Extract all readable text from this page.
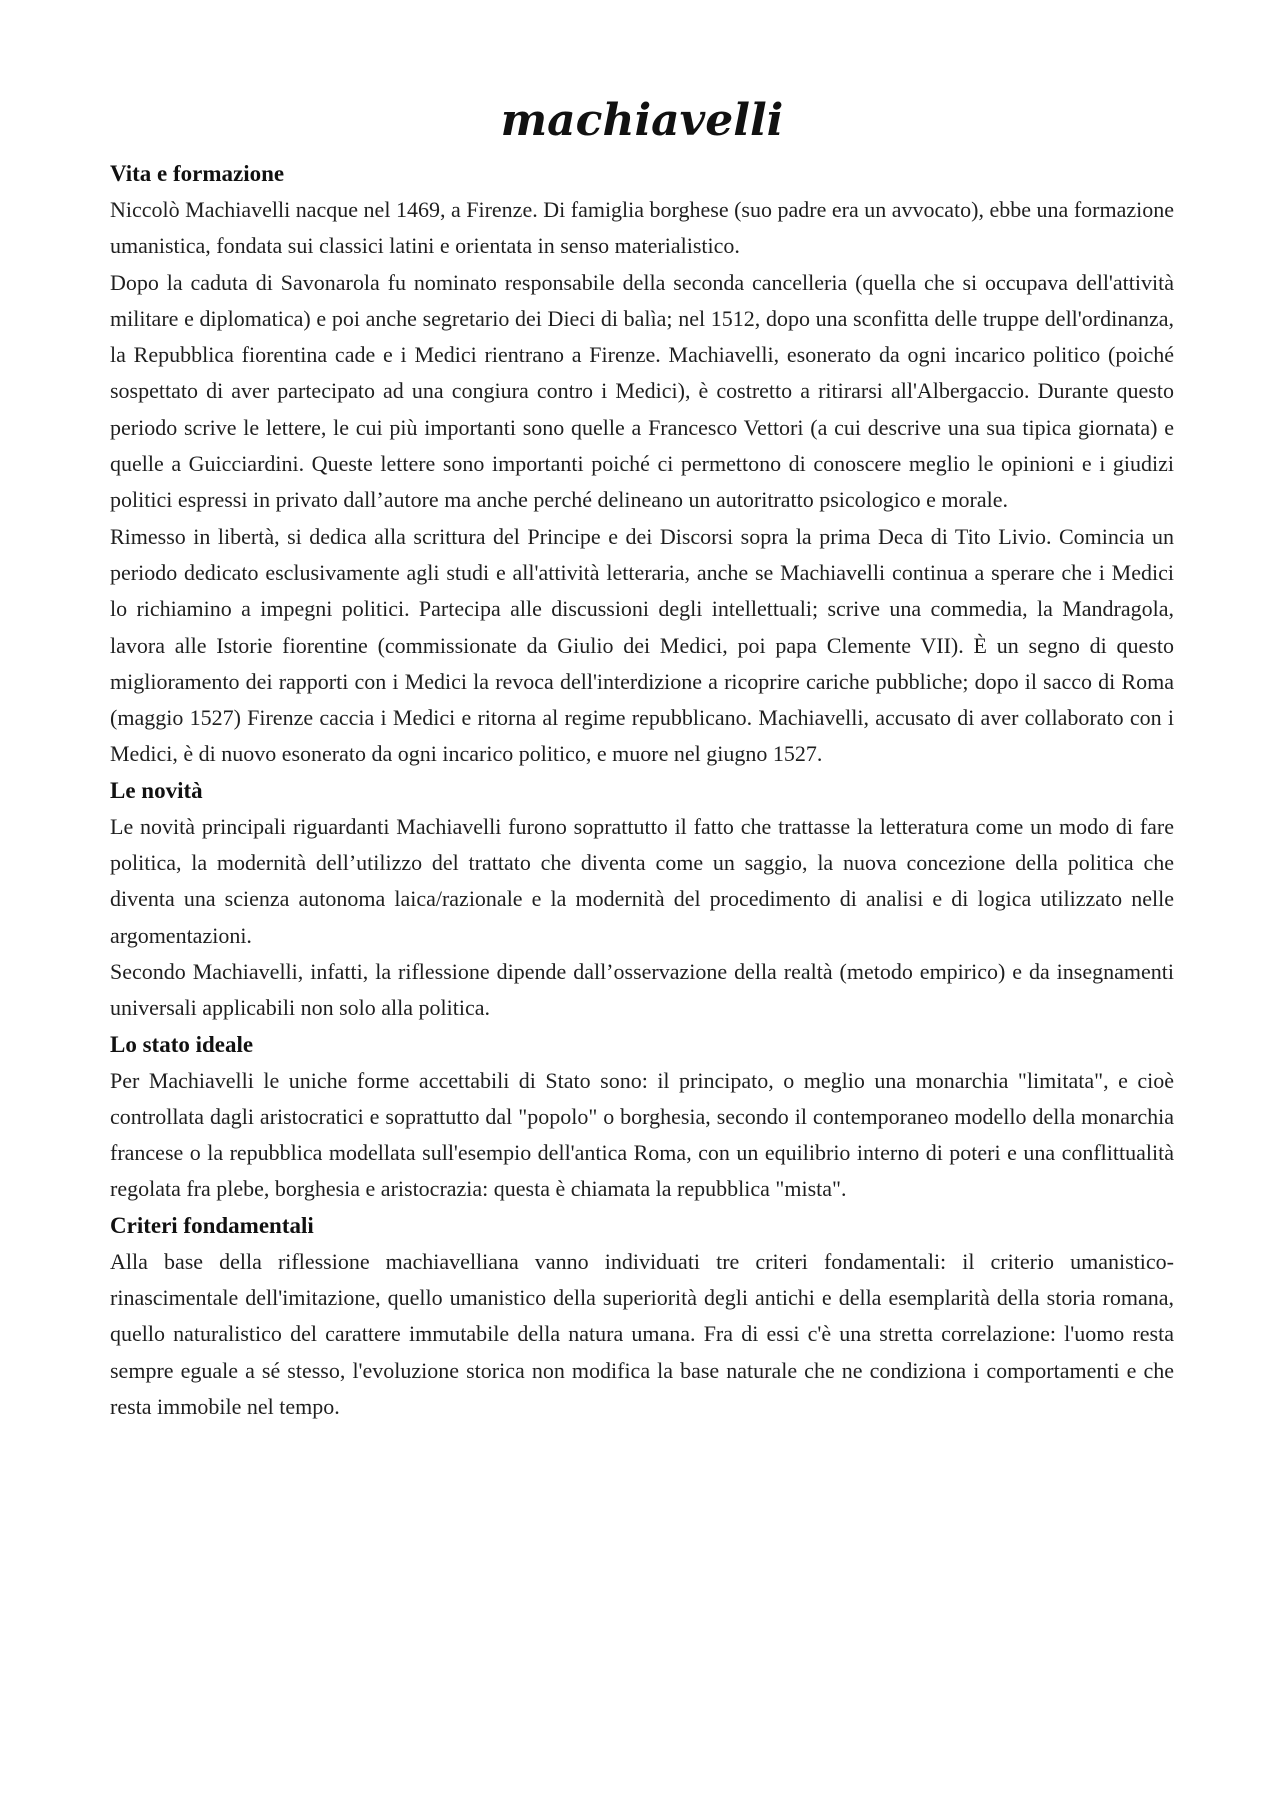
machiavelli
Vita e formazione

Niccolò Machiavelli nacque nel 1469, a Firenze. Di famiglia borghese (suo padre era un avvocato), ebbe una formazione umanistica, fondata sui classici latini e orientata in senso materialistico.

Dopo la caduta di Savonarola fu nominato responsabile della seconda cancelleria (quella che si occupava dell'attività militare e diplomatica) e poi anche segretario dei Dieci di balìa; nel 1512, dopo una sconfitta delle truppe dell'ordinanza, la Repubblica fiorentina cade e i Medici rientrano a Firenze. Machiavelli, esonerato da ogni incarico politico (poiché sospettato di aver partecipato ad una congiura contro i Medici), è costretto a ritirarsi all'Albergaccio. Durante questo periodo scrive le lettere, le cui più importanti sono quelle a Francesco Vettori (a cui descrive una sua tipica giornata) e quelle a Guicciardini. Queste lettere sono importanti poiché ci permettono di conoscere meglio le opinioni e i giudizi politici espressi in privato dall’autore ma anche perché delineano un autoritratto psicologico e morale.

Rimesso in libertà, si dedica alla scrittura del Principe e dei Discorsi sopra la prima Deca di Tito Livio. Comincia un periodo dedicato esclusivamente agli studi e all'attività letteraria, anche se Machiavelli continua a sperare che i Medici lo richiamino a impegni politici. Partecipa alle discussioni degli intellettuali; scrive una commedia, la Mandragola, lavora alle Istorie fiorentine (commissionate da Giulio dei Medici, poi papa Clemente VII). È un segno di questo miglioramento dei rapporti con i Medici la revoca dell'interdizione a ricoprire cariche pubbliche; dopo il sacco di Roma (maggio 1527) Firenze caccia i Medici e ritorna al regime repubblicano. Machiavelli, accusato di aver collaborato con i Medici, è di nuovo esonerato da ogni incarico politico, e muore nel giugno 1527.

Le novità

Le novità principali riguardanti Machiavelli furono soprattutto il fatto che trattasse la letteratura come un modo di fare politica, la modernità dell’utilizzo del trattato che diventa come un saggio, la nuova concezione della politica che diventa una scienza autonoma laica/razionale e la modernità del procedimento di analisi e di logica utilizzato nelle argomentazioni.

Secondo Machiavelli, infatti, la riflessione dipende dall’osservazione della realtà (metodo empirico) e da insegnamenti universali applicabili non solo alla politica.

Lo stato ideale

Per Machiavelli le uniche forme accettabili di Stato sono: il principato, o meglio una monarchia "limitata", e cioè controllata dagli aristocratici e soprattutto dal "popolo" o borghesia, secondo il contemporaneo modello della monarchia francese o la repubblica modellata sull'esempio dell'antica Roma, con un equilibrio interno di poteri e una conflittualità regolata fra plebe, borghesia e aristocrazia: questa è chiamata la repubblica "mista".

Criteri fondamentali

Alla base della riflessione machiavelliana vanno individuati tre criteri fondamentali: il criterio umanistico-rinascimentale dell'imitazione, quello umanistico della superiorità degli antichi e della esemplarità della storia romana, quello naturalistico del carattere immutabile della natura umana. Fra di essi c'è una stretta correlazione: l'uomo resta sempre eguale a sé stesso, l'evoluzione storica non modifica la base naturale che ne condiziona i comportamenti e che resta immobile nel tempo.
